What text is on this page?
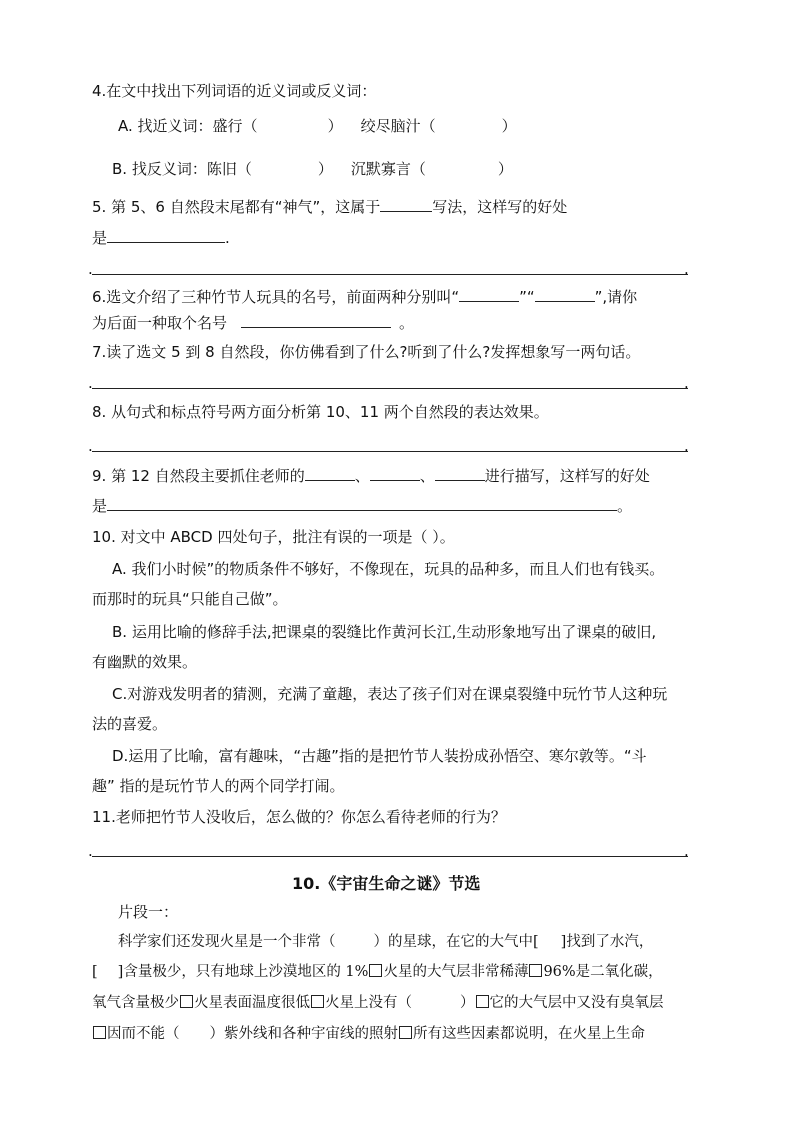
4.在文中找出下列词语的近义词或反义词：
A. 找近义词：盛行（	） 绞尽脑汁（	）
B. 找反义词：陈旧（	） 沉默寡言（	）
5. 第 5、6 自然段末尾都有“神气”，这属于	写法，这样写的好处
是	.
.	.
6.选文介绍了三种竹节人玩具的名号，前面两种分别叫“	”“	”,请你
为后面一种取个名号	。
7.读了选文 5 到 8 自然段，你仿佛看到了什么?听到了什么?发挥想象写一两句话。
.	.
8. 从句式和标点符号两方面分析第 10、11 两个自然段的表达效果。
.	.
9. 第 12 自然段主要抓住老师的	、	、	进行描写，这样写的好处
是	。
10. 对文中 ABCD 四处句子，批注有误的一项是（ ）。
A. 我们小时候”的物质条件不够好，不像现在，玩具的品种多，而且人们也有钱买。
而那时的玩具“只能自己做”。
B. 运用比喻的修辞手法,把课桌的裂缝比作黄河长江,生动形象地写出了课桌的破旧,
有幽默的效果。
C.对游戏发明者的猜测，充满了童趣，表达了孩子们对在课桌裂缝中玩竹节人这种玩
法的喜爱。
D.运用了比喻，富有趣味，“古趣”指的是把竹节人装扮成孙悟空、寒尔敦等。“斗
趣” 指的是玩竹节人的两个同学打闹。
11.老师把竹节人没收后，怎么做的？你怎么看待老师的行为？
.	.
10.《宇宙生命之谜》节选
片段一：
科学家们还发现火星是一个非常（	）的星球，在它的大气中[ ]找到了水汽，
[ ]含量极少，只有地球上沙漠地区的 1% 火星的大气层非常稀薄 96%是二氧化碳，
氧气含量极少 火星表面温度很低 火星上没有（	） 它的大气层中又没有臭氧层
因而不能（ ）紫外线和各种宇宙线的照射 所有这些因素都说明，在火星上生命
